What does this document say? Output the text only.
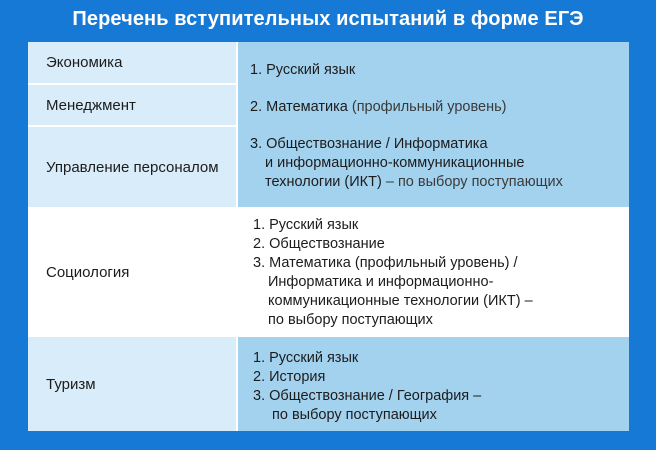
Перечень вступительных испытаний в форме ЕГЭ
Экономика
Менеджмент
Управление персоналом
Социология
Туризм
1. Русский язык
2. Математика (профильный уровень)
3. Обществознание / Информатика
и информационно-коммуникационные
технологии (ИКТ) – по выбору поступающих
1. Русский язык
2. Обществознание
3. Математика (профильный уровень) /
Информатика и информационно-
коммуникационные технологии (ИКТ) –
по выбору поступающих
1. Русский язык
2. История
3. Обществознание / География –
по выбору поступающих
